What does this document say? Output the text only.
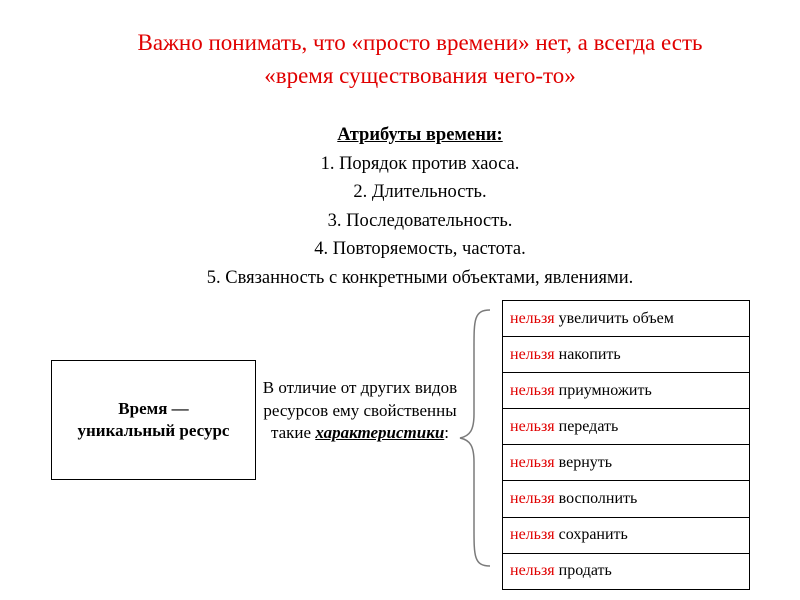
Важно понимать, что «просто времени» нет, а всегда есть
«время существования чего-то»
Атрибуты времени:
1. Порядок против хаоса.
2. Длительность.
3. Последовательность.
4. Повторяемость, частота.
5. Связанность с конкретными объектами, явлениями.
Время —
уникальный ресурс
В отличие от других видов ресурсов ему свойственны такие характеристики:
нельзя увеличить объем
нельзя накопить
нельзя приумножить
нельзя передать
нельзя вернуть
нельзя восполнить
нельзя сохранить
нельзя продать
